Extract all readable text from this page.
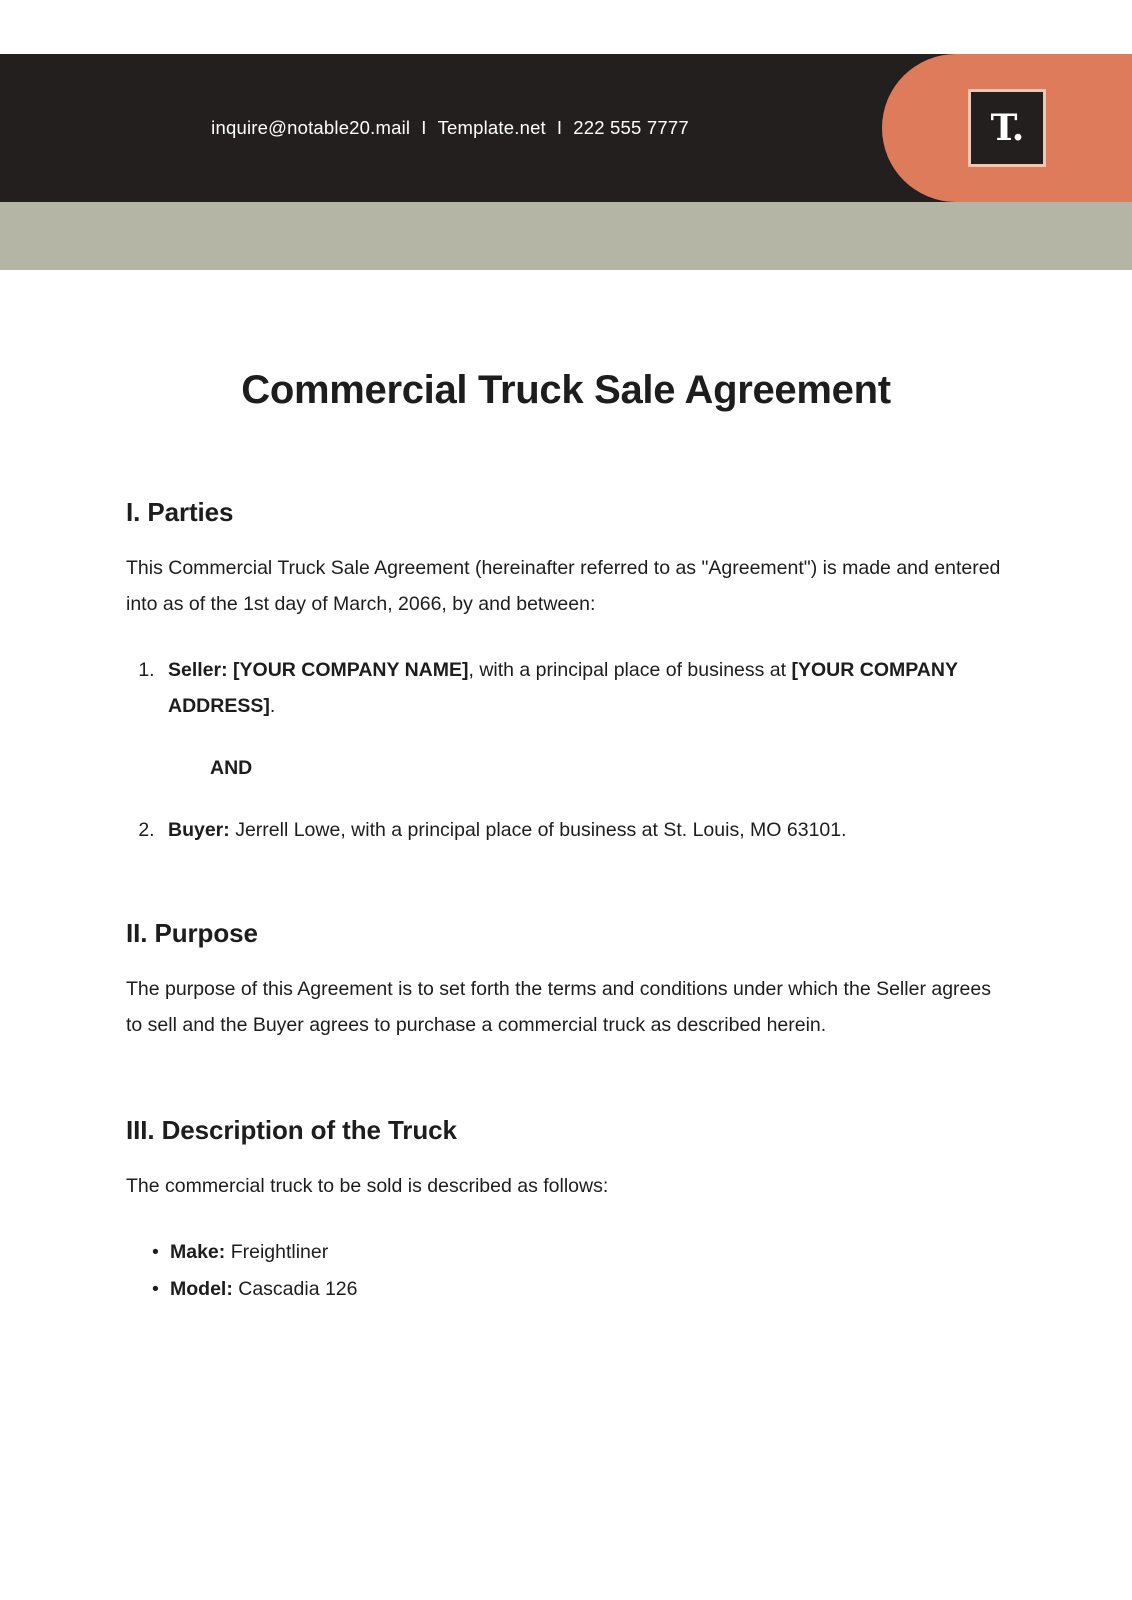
inquire@notable20.mail I Template.net I 222 555 7777	T.
Commercial Truck Sale Agreement
I. Parties

This Commercial Truck Sale Agreement (hereinafter referred to as "Agreement") is made and entered into as of the 1st day of March, 2066, by and between:

1. Seller: [YOUR COMPANY NAME], with a principal place of business at [YOUR COMPANY ADDRESS].
AND
2. Buyer: Jerrell Lowe, with a principal place of business at St. Louis, MO 63101.
II. Purpose

The purpose of this Agreement is to set forth the terms and conditions under which the Seller agrees to sell and the Buyer agrees to purchase a commercial truck as described herein.

III. Description of the Truck

The commercial truck to be sold is described as follows:

• Make: Freightliner
• Model: Cascadia 126
